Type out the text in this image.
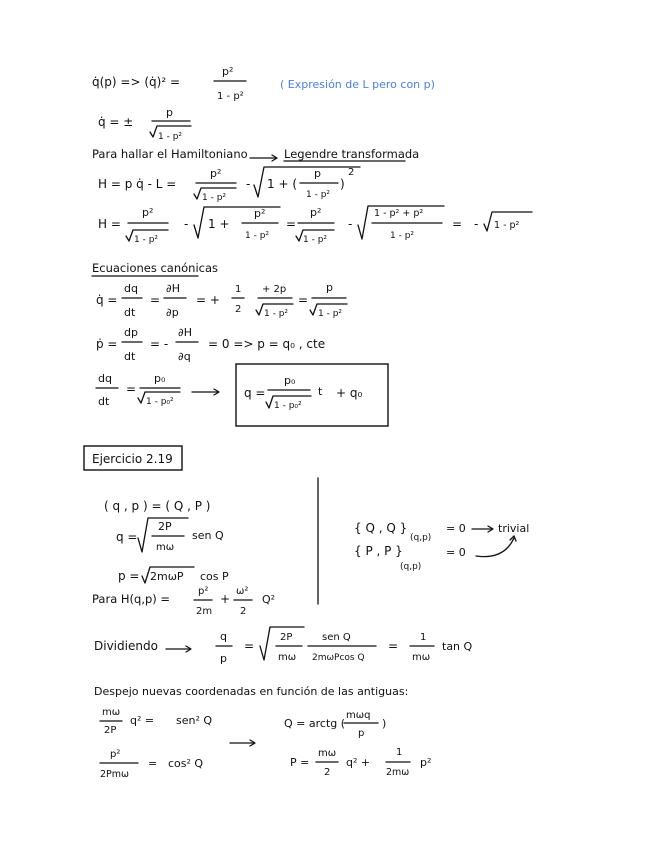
q̇(p) => (q̇)² =
p²
1 - p²
( Expresión de L pero con p)
q̇ = ±
p
1 - p²
Para hallar el Hamiltoniano	Legendre transformada
H = p q̇ - L =
p²
1 - p²
- 1 + (
p
1 - p²
)
2
H =
p²
1 - p²
- 1 +
p²
1 - p²
=
p²
1 - p²
-
1 - p² + p²
1 - p²
= - 1 - p²
Ecuaciones canónicas
q̇ =
dq
dt
=
∂H
∂p
= +
1
2
+ 2p
1 - p²
=
p
1 - p²
ṗ =
dp
dt
= -
∂H
∂q
= 0 => p = q₀ , cte
dq
dt
=
p₀
1 - p₀²
q =
p₀
1 - p₀²
t + q₀
Ejercicio 2.19
( q , p ) = ( Q , P )
q =
2P
mω
sen Q
p = 2mωP cos P
Para H(q,p) =
p²
2m
+
ω²
2
Q²
{ Q , Q }
(q,p)
= 0	trivial
{ P , P }
(q,p)
= 0
Dividiendo
q
p
=
2P
mω
sen Q
2mωPcos Q
=
1
mω
tan Q
Despejo nuevas coordenadas en función de las antiguas:
mω
2P
q² = sen² Q
p²
2Pmω
= cos² Q
Q = arctg (
mωq
p
)
P =
mω
2
q² +
1
2mω
p²
